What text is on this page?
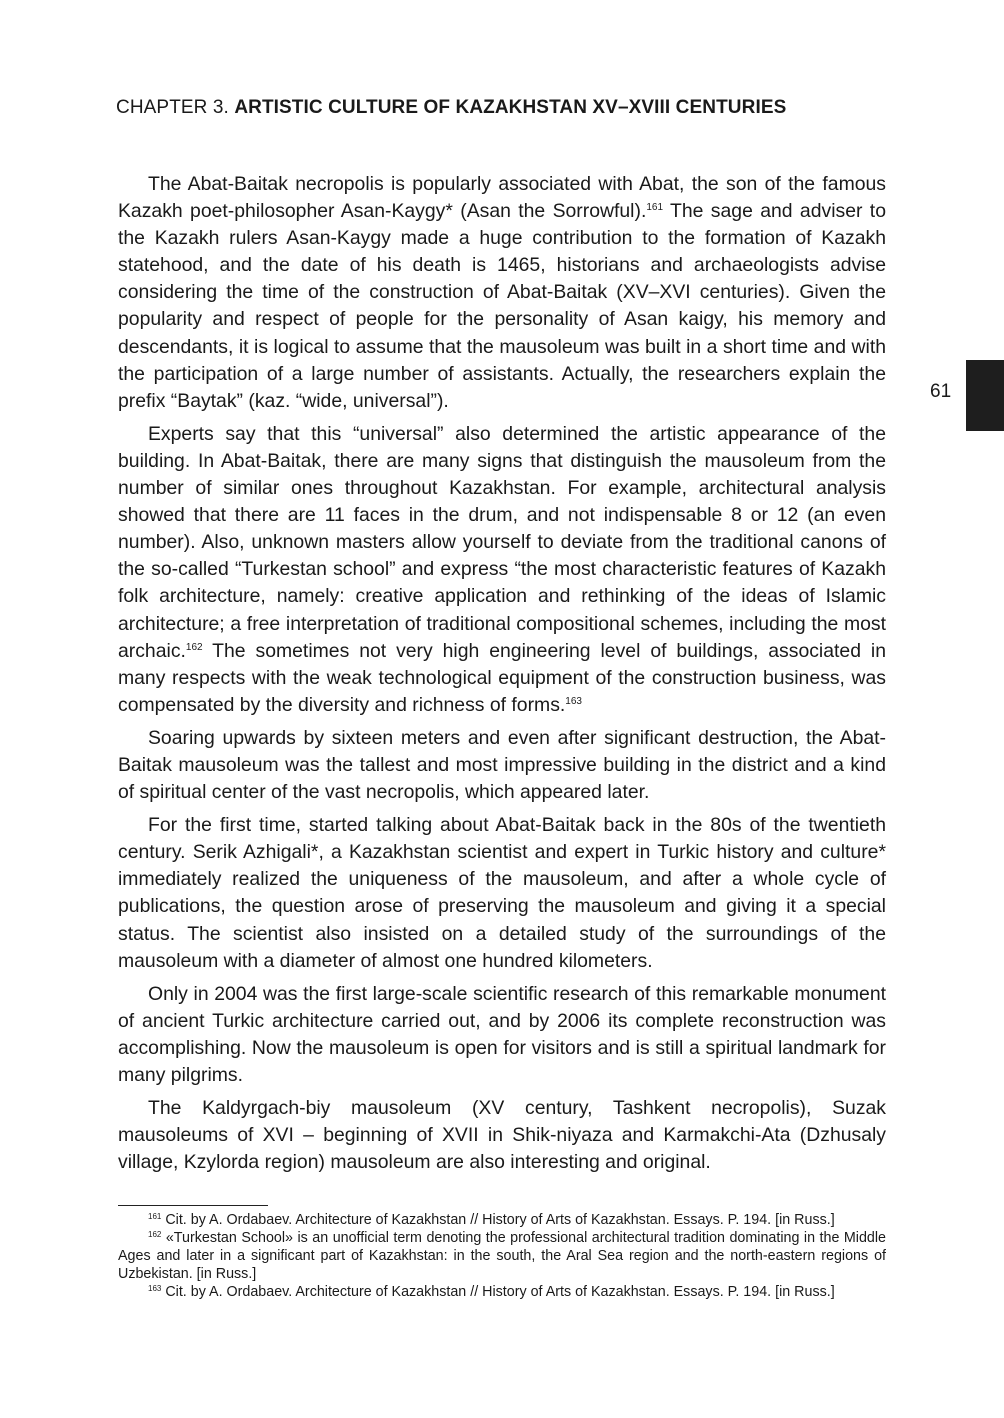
CHAPTER 3. ARTISTIC CULTURE OF KAZAKHSTAN XV–XVIII CENTURIES
61

The Abat-Baitak necropolis is popularly associated with Abat, the son of the famous Kazakh poet-philosopher Asan-Kaygy* (Asan the Sorrowful).$^{161}$ The sage and adviser to the Kazakh rulers Asan-Kaygy made a huge contribution to the formation of Kazakh statehood, and the date of his death is 1465, historians and archaeologists advise considering the time of the construction of Abat-Baitak (XV–XVI centuries). Given the popularity and respect of people for the personality of Asan kaigy, his memory and descendants, it is logical to assume that the mausoleum was built in a short time and with the participation of a large number of assistants. Actually, the researchers explain the prefix “Baytak” (kaz. “wide, universal”).

Experts say that this “universal” also determined the artistic appearance of the building. In Abat-Baitak, there are many signs that distinguish the mausoleum from the number of similar ones throughout Kazakhstan. For example, architectural analysis showed that there are 11 faces in the drum, and not indispensable 8 or 12 (an even number). Also, unknown masters allow yourself to deviate from the traditional canons of the so-called “Turkestan school” and express “the most characteristic features of Kazakh folk architecture, namely: creative application and rethinking of the ideas of Islamic architecture; a free interpretation of traditional compositional schemes, including the most archaic.$^{162}$ The sometimes not very high engineering level of buildings, associated in many respects with the weak technological equipment of the construction business, was compensated by the diversity and richness of forms.$^{163}$

Soaring upwards by sixteen meters and even after significant destruction, the Abat-Baitak mausoleum was the tallest and most impressive building in the district and a kind of spiritual center of the vast necropolis, which appeared later.

For the first time, started talking about Abat-Baitak back in the 80s of the twentieth century. Serik Azhigali*, a Kazakhstan scientist and expert in Turkic history and culture* immediately realized the uniqueness of the mausoleum, and after a whole cycle of publications, the question arose of preserving the mausoleum and giving it a special status. The scientist also insisted on a detailed study of the surroundings of the mausoleum with a diameter of almost one hundred kilometers.

Only in 2004 was the first large-scale scientific research of this remarkable monument of ancient Turkic architecture carried out, and by 2006 its complete reconstruction was accomplishing. Now the mausoleum is open for visitors and is still a spiritual landmark for many pilgrims.

The Kaldyrgach-biy mausoleum (XV century, Tashkent necropolis), Suzak mausoleums of XVI – beginning of XVII in Shik-niyaza and Karmakchi-Ata (Dzhusaly village, Kzylorda region) mausoleum are also interesting and original.

$^{161}$ Cit. by A. Ordabaev. Architecture of Kazakhstan // History of Arts of Kazakhstan. Essays. P. 194. [in Russ.]

$^{162}$ «Turkestan School» is an unofficial term denoting the professional architectural tradition dominating in the Middle Ages and later in a significant part of Kazakhstan: in the south, the Aral Sea region and the north-eastern regions of Uzbekistan. [in Russ.]

$^{163}$ Cit. by A. Ordabaev. Architecture of Kazakhstan // History of Arts of Kazakhstan. Essays. P. 194. [in Russ.]
